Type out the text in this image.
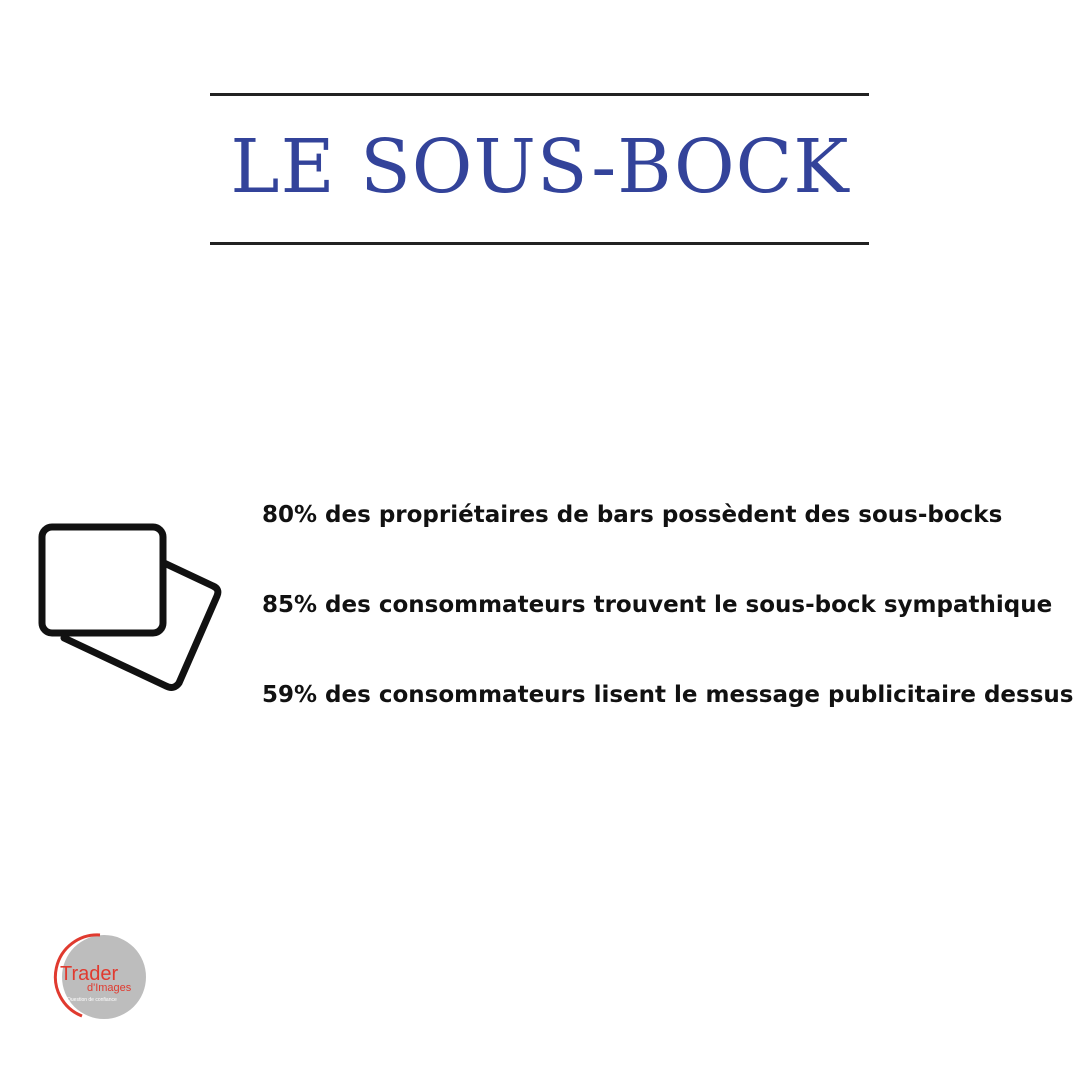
LE SOUS-BOCK
80% des propriétaires de bars possèdent des sous-bocks
85% des consommateurs trouvent le sous-bock sympathique
59% des consommateurs lisent le message publicitaire dessus
Trader
d'Images
Question de confiance
